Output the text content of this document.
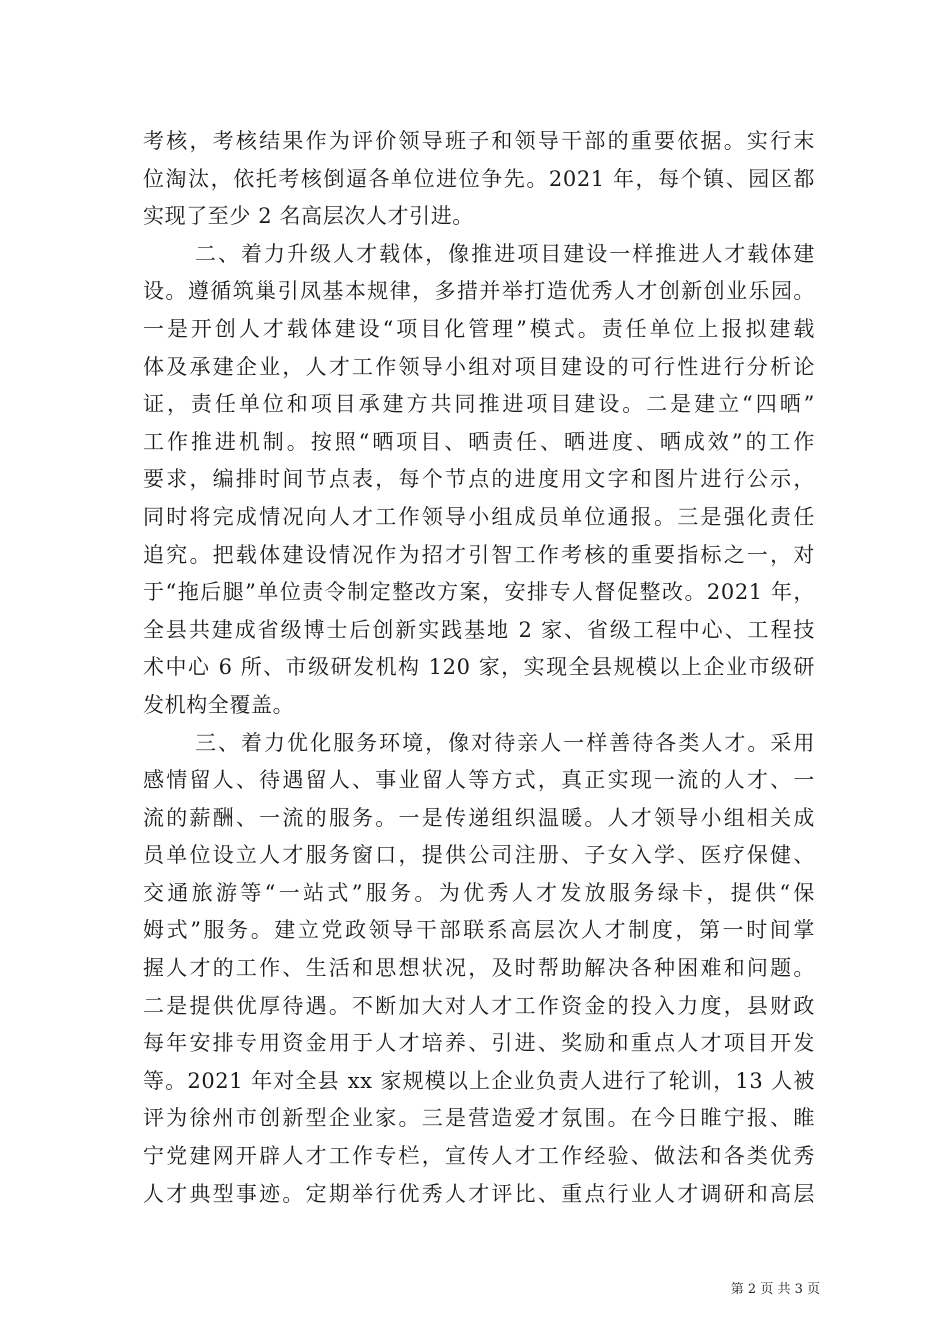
考核，考核结果作为评价领导班子和领导干部的重要依据。实行末
位淘汰，依托考核倒逼各单位进位争先。2021 年，每个镇、园区都
实现了至少 2 名高层次人才引进。
二、着力升级人才载体，像推进项目建设一样推进人才载体建
设。遵循筑巢引凤基本规律，多措并举打造优秀人才创新创业乐园。
一是开创人才载体建设“项目化管理”模式。责任单位上报拟建载
体及承建企业，人才工作领导小组对项目建设的可行性进行分析论
证，责任单位和项目承建方共同推进项目建设。二是建立“四晒”
工作推进机制。按照“晒项目、晒责任、晒进度、晒成效”的工作
要求，编排时间节点表，每个节点的进度用文字和图片进行公示，
同时将完成情况向人才工作领导小组成员单位通报。三是强化责任
追究。把载体建设情况作为招才引智工作考核的重要指标之一，对
于“拖后腿”单位责令制定整改方案，安排专人督促整改。2021 年，
全县共建成省级博士后创新实践基地 2 家、省级工程中心、工程技
术中心 6 所、市级研发机构 120 家，实现全县规模以上企业市级研
发机构全覆盖。
三、着力优化服务环境，像对待亲人一样善待各类人才。采用
感情留人、待遇留人、事业留人等方式，真正实现一流的人才、一
流的薪酬、一流的服务。一是传递组织温暖。人才领导小组相关成
员单位设立人才服务窗口，提供公司注册、子女入学、医疗保健、
交通旅游等“一站式”服务。为优秀人才发放服务绿卡，提供“保
姆式”服务。建立党政领导干部联系高层次人才制度，第一时间掌
握人才的工作、生活和思想状况，及时帮助解决各种困难和问题。
二是提供优厚待遇。不断加大对人才工作资金的投入力度，县财政
每年安排专用资金用于人才培养、引进、奖励和重点人才项目开发
等。2021 年对全县 xx 家规模以上企业负责人进行了轮训，13 人被
评为徐州市创新型企业家。三是营造爱才氛围。在今日睢宁报、睢
宁党建网开辟人才工作专栏，宣传人才工作经验、做法和各类优秀
人才典型事迹。定期举行优秀人才评比、重点行业人才调研和高层
第 2 页 共 3 页
